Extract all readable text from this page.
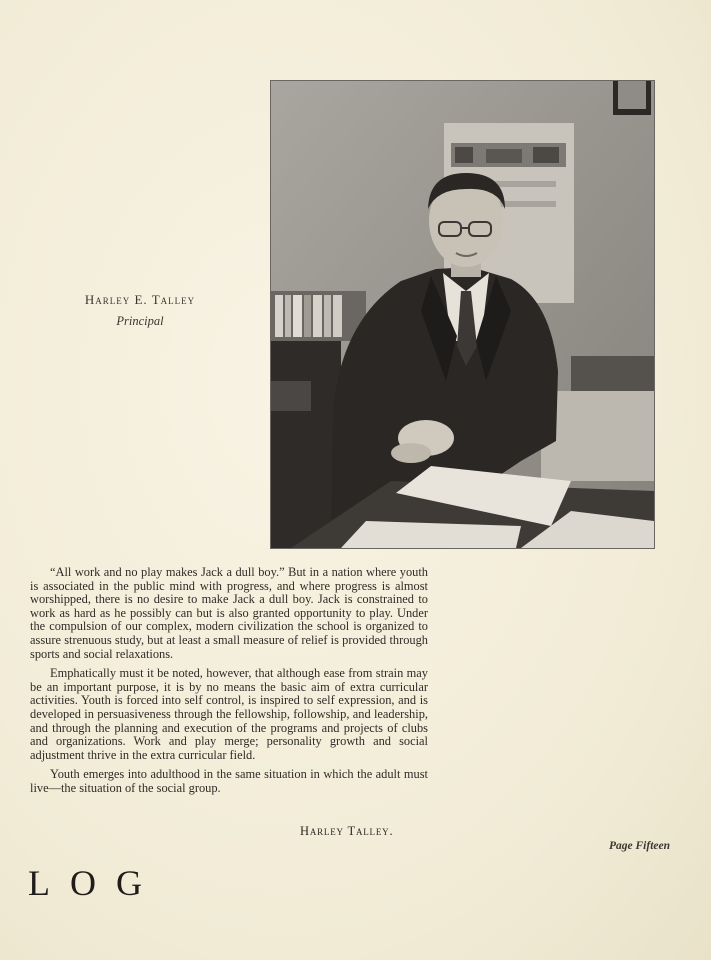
Harley E. Talley
Principal

“All work and no play makes Jack a dull boy.” But in a nation where youth is associated in the public mind with progress, and where progress is almost worshipped, there is no desire to make Jack a dull boy. Jack is constrained to work as hard as he possibly can but is also granted opportunity to play. Under the compulsion of our complex, modern civilization the school is organized to assure strenuous study, but at least a small measure of relief is provided through sports and social relaxations.

Emphatically must it be noted, however, that although ease from strain may be an important purpose, it is by no means the basic aim of extra curricular activities. Youth is forced into self control, is inspired to self expression, and is developed in persuasiveness through the fellowship, followship, and leadership, and through the planning and execution of the programs and projects of clubs and organizations. Work and play merge; personality growth and social adjustment thrive in the extra curricular field.

Youth emerges into adulthood in the same situation in which the adult must live—the situation of the social group.

Harley Talley.
Page Fifteen
LOG
